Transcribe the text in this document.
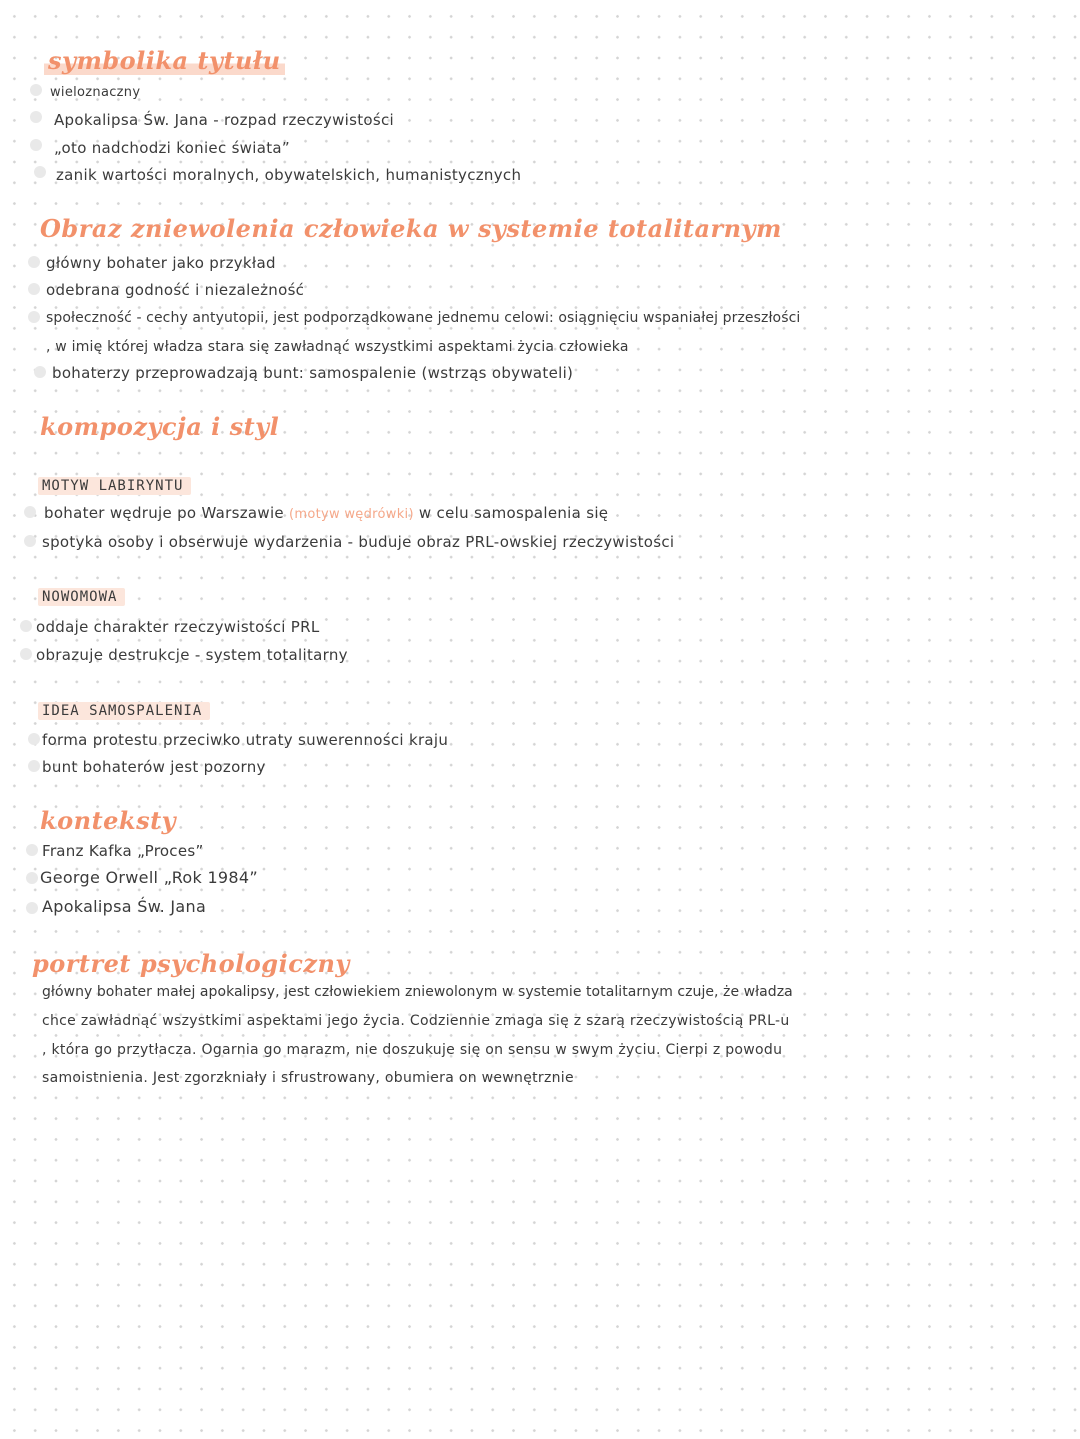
symbolika tytułu
wieloznaczny
Apokalipsa Św. Jana - rozpad rzeczywistości
„oto nadchodzi koniec świata”
zanik wartości moralnych, obywatelskich, humanistycznych
Obraz zniewolenia człowieka w systemie totalitarnym
główny bohater jako przykład
odebrana godność i niezależność
społeczność - cechy antyutopii, jest podporządkowane jednemu celowi: osiągnięciu wspaniałej przeszłości
, w imię której władza stara się zawładnąć wszystkimi aspektami życia człowieka
bohaterzy przeprowadzają bunt: samospalenie (wstrząs obywateli)
kompozycja i styl
MOTYW LABIRYNTU
bohater wędruje po Warszawie (motyw wędrówki) w celu samospalenia się
spotyka osoby i obserwuje wydarzenia - buduje obraz PRL-owskiej rzeczywistości
NOWOMOWA
oddaje charakter rzeczywistości PRL
obrazuje destrukcje - system totalitarny
IDEA SAMOSPALENIA
forma protestu przeciwko utraty suwerenności kraju
bunt bohaterów jest pozorny
konteksty
Franz Kafka „Proces”
George Orwell „Rok 1984”
Apokalipsa Św. Jana
portret psychologiczny
główny bohater małej apokalipsy, jest człowiekiem zniewolonym w systemie totalitarnym czuje, że władza
chce zawładnąć wszystkimi aspektami jego życia. Codziennie zmaga się z szarą rzeczywistością PRL-u
, która go przytłacza. Ogarnia go marazm, nie doszukuje się on sensu w swym życiu. Cierpi z powodu
samoistnienia. Jest zgorzkniały i sfrustrowany, obumiera on wewnętrznie
